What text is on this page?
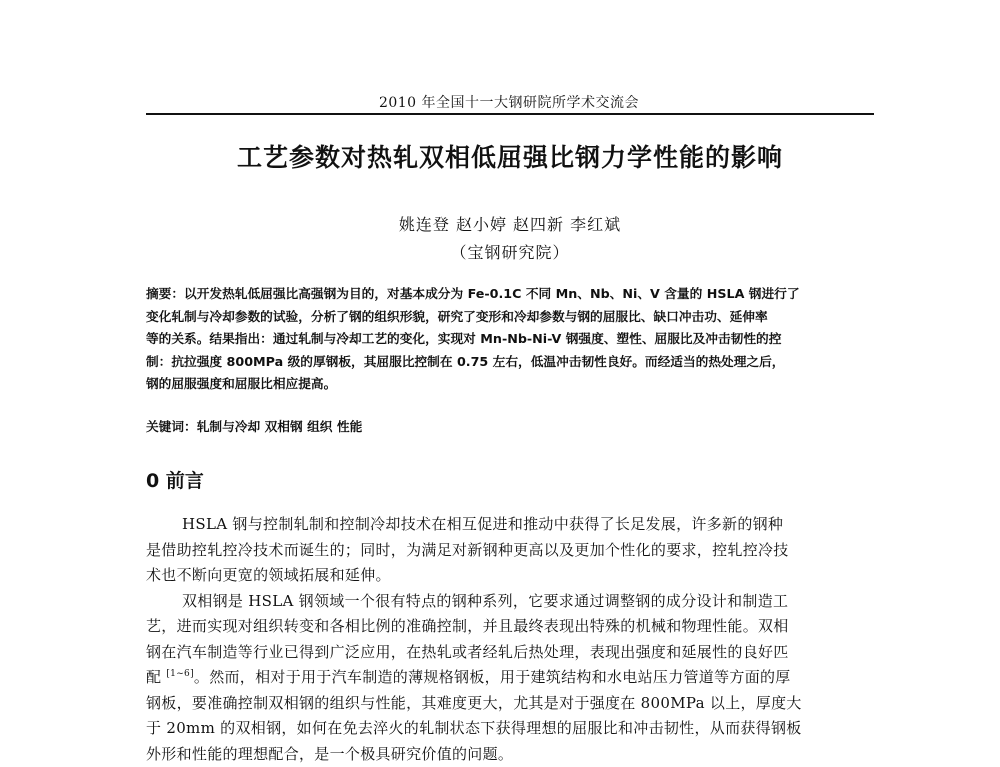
2010 年全国十一大钢研院所学术交流会
工艺参数对热轧双相低屈强比钢力学性能的影响
姚连登 赵小婷 赵四新 李红斌
（宝钢研究院）
摘要：以开发热轧低屈强比高强钢为目的，对基本成分为 Fe-0.1C 不同 Mn、Nb、Ni、V 含量的 HSLA 钢进行了
变化轧制与冷却参数的试验，分析了钢的组织形貌，研究了变形和冷却参数与钢的屈服比、缺口冲击功、延伸率
等的关系。结果指出：通过轧制与冷却工艺的变化，实现对 Mn-Nb-Ni-V 钢强度、塑性、屈服比及冲击韧性的控
制：抗拉强度 800MPa 级的厚钢板，其屈服比控制在 0.75 左右，低温冲击韧性良好。而经适当的热处理之后，
钢的屈服强度和屈服比相应提高。
关键词：轧制与冷却 双相钢 组织 性能
0 前言
HSLA 钢与控制轧制和控制冷却技术在相互促进和推动中获得了长足发展，许多新的钢种
是借助控轧控冷技术而诞生的；同时，为满足对新钢种更高以及更加个性化的要求，控轧控冷技
术也不断向更宽的领域拓展和延伸。
双相钢是 HSLA 钢领域一个很有特点的钢种系列，它要求通过调整钢的成分设计和制造工
艺，进而实现对组织转变和各相比例的准确控制，并且最终表现出特殊的机械和物理性能。双相
钢在汽车制造等行业已得到广泛应用，在热轧或者经轧后热处理，表现出强度和延展性的良好匹
配 [1~6]。然而，相对于用于汽车制造的薄规格钢板，用于建筑结构和水电站压力管道等方面的厚
钢板，要准确控制双相钢的组织与性能，其难度更大，尤其是对于强度在 800MPa 以上，厚度大
于 20mm 的双相钢，如何在免去淬火的轧制状态下获得理想的屈服比和冲击韧性，从而获得钢板
外形和性能的理想配合，是一个极具研究价值的问题。
